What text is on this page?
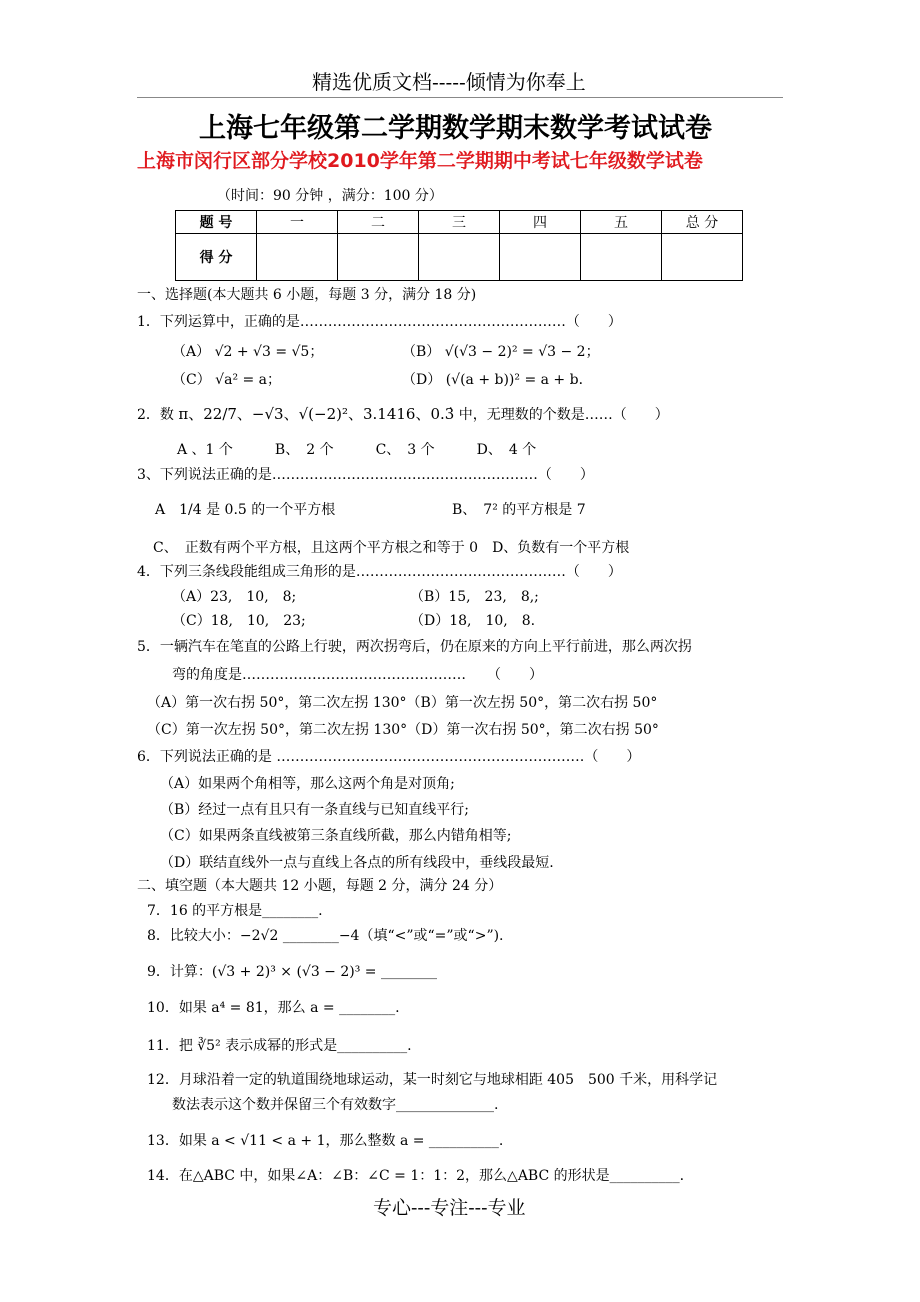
精选优质文档-----倾情为你奉上
上海七年级第二学期数学期末数学考试试卷
上海市闵行区部分学校2010学年第二学期期中考试七年级数学试卷
（时间：90 分钟 ，满分：100 分）
题 号	一	二	三	四	五	总 分
得 分						
一、选择题(本大题共 6 小题，每题 3 分，满分 18 分)
1．下列运算中，正确的是…………………………………………………（　　）
（A） √2 + √3 = √5；	（B） √(√3 − 2)² = √3 − 2；
（C） √a² = a；	（D） (√(a + b))² = a + b．
2．数 π、22/7、−√3、√(−2)²、3.1416、0.3̇ 中，无理数的个数是……（　　）
A 、1 个　　　B、　2 个　　　C、　3 个　　　D、　4 个
3、下列说法正确的是…………………………………………………（　　）
A　1/4 是 0.5 的一个平方根	B、　7² 的平方根是 7
C、　正数有两个平方根，且这两个平方根之和等于 0　D、负数有一个平方根
4．下列三条线段能组成三角形的是………………………………………（　　）
（A）23,　10,　8;	（B）15,　23,　8,;
（C）18,　10,　23;	（D）18,　10,　8.
5．一辆汽车在笔直的公路上行驶，两次拐弯后，仍在原来的方向上平行前进，那么两次拐
弯的角度是…………………………………………　　（　　）
（A）第一次右拐 50°，第二次左拐 130°（B）第一次左拐 50°，第二次右拐 50°
（C）第一次左拐 50°，第二次左拐 130°（D）第一次右拐 50°，第二次右拐 50°
6．下列说法正确的是 …………………………………………………………（　　）
（A）如果两个角相等，那么这两个角是对顶角;
（B）经过一点有且只有一条直线与已知直线平行;
（C）如果两条直线被第三条直线所截，那么内错角相等;
（D）联结直线外一点与直线上各点的所有线段中，垂线段最短.
二、填空题（本大题共 12 小题，每题 2 分，满分 24 分）
7．16 的平方根是________.
8．比较大小：−2√2 ________−4（填“<”或“=”或“>”).
9．计算：(√3 + 2)³ × (√3 − 2)³ = ________
10．如果 a⁴ = 81，那么 a = ________.
11．把 ∛5² 表示成幂的形式是__________.
12．月球沿着一定的轨道围绕地球运动，某一时刻它与地球相距 405　500 千米，用科学记
数法表示这个数并保留三个有效数字______________.
13．如果 a < √11 < a + 1，那么整数 a = __________.
14．在△ABC 中，如果∠A：∠B：∠C = 1：1：2，那么△ABC 的形状是__________.
专心---专注---专业
